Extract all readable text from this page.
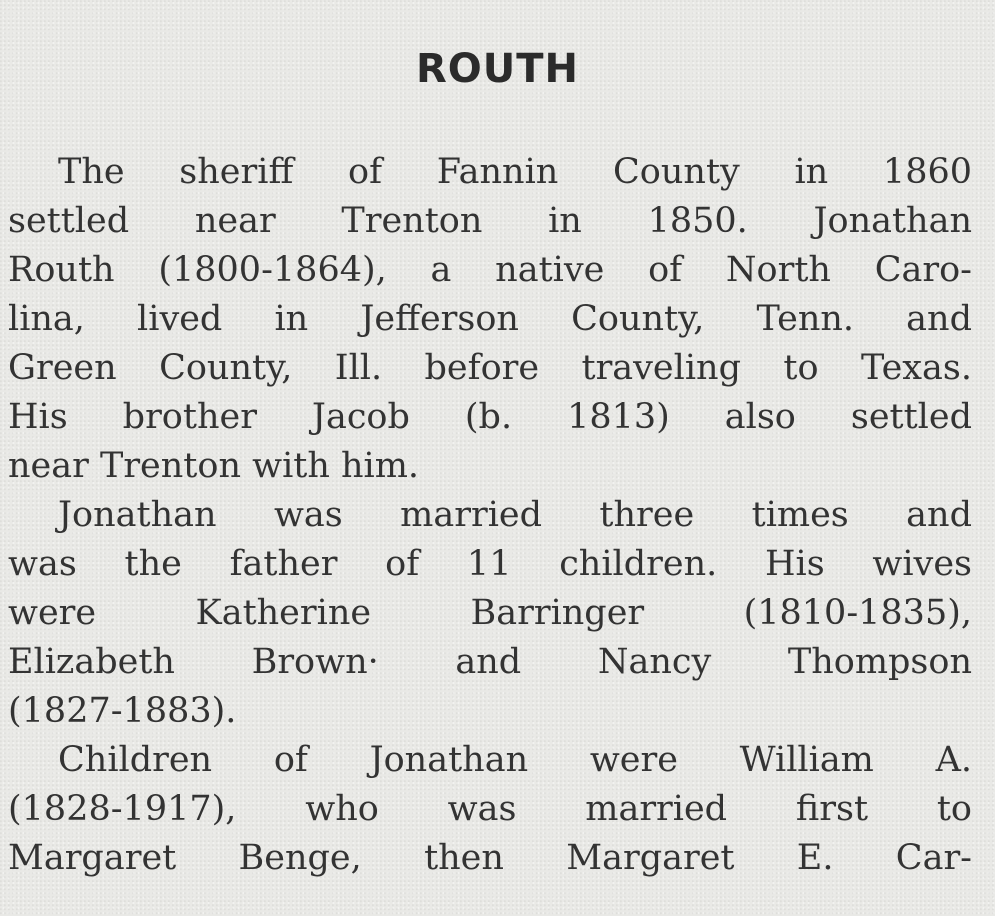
ROUTH
The sheriff of Fannin County in 1860
settled near Trenton in 1850. Jonathan
Routh (1800-1864), a native of North Caro-
lina, lived in Jefferson County, Tenn. and
Green County, Ill. before traveling to Texas.
His brother Jacob (b. 1813) also settled
near Trenton with him.
Jonathan was married three times and
was the father of 11 children. His wives
were Katherine Barringer (1810-1835),
Elizabeth Brown· and Nancy Thompson
(1827-1883).
Children of Jonathan were William A.
(1828-1917), who was married first to
Margaret Benge, then Margaret E. Car-
